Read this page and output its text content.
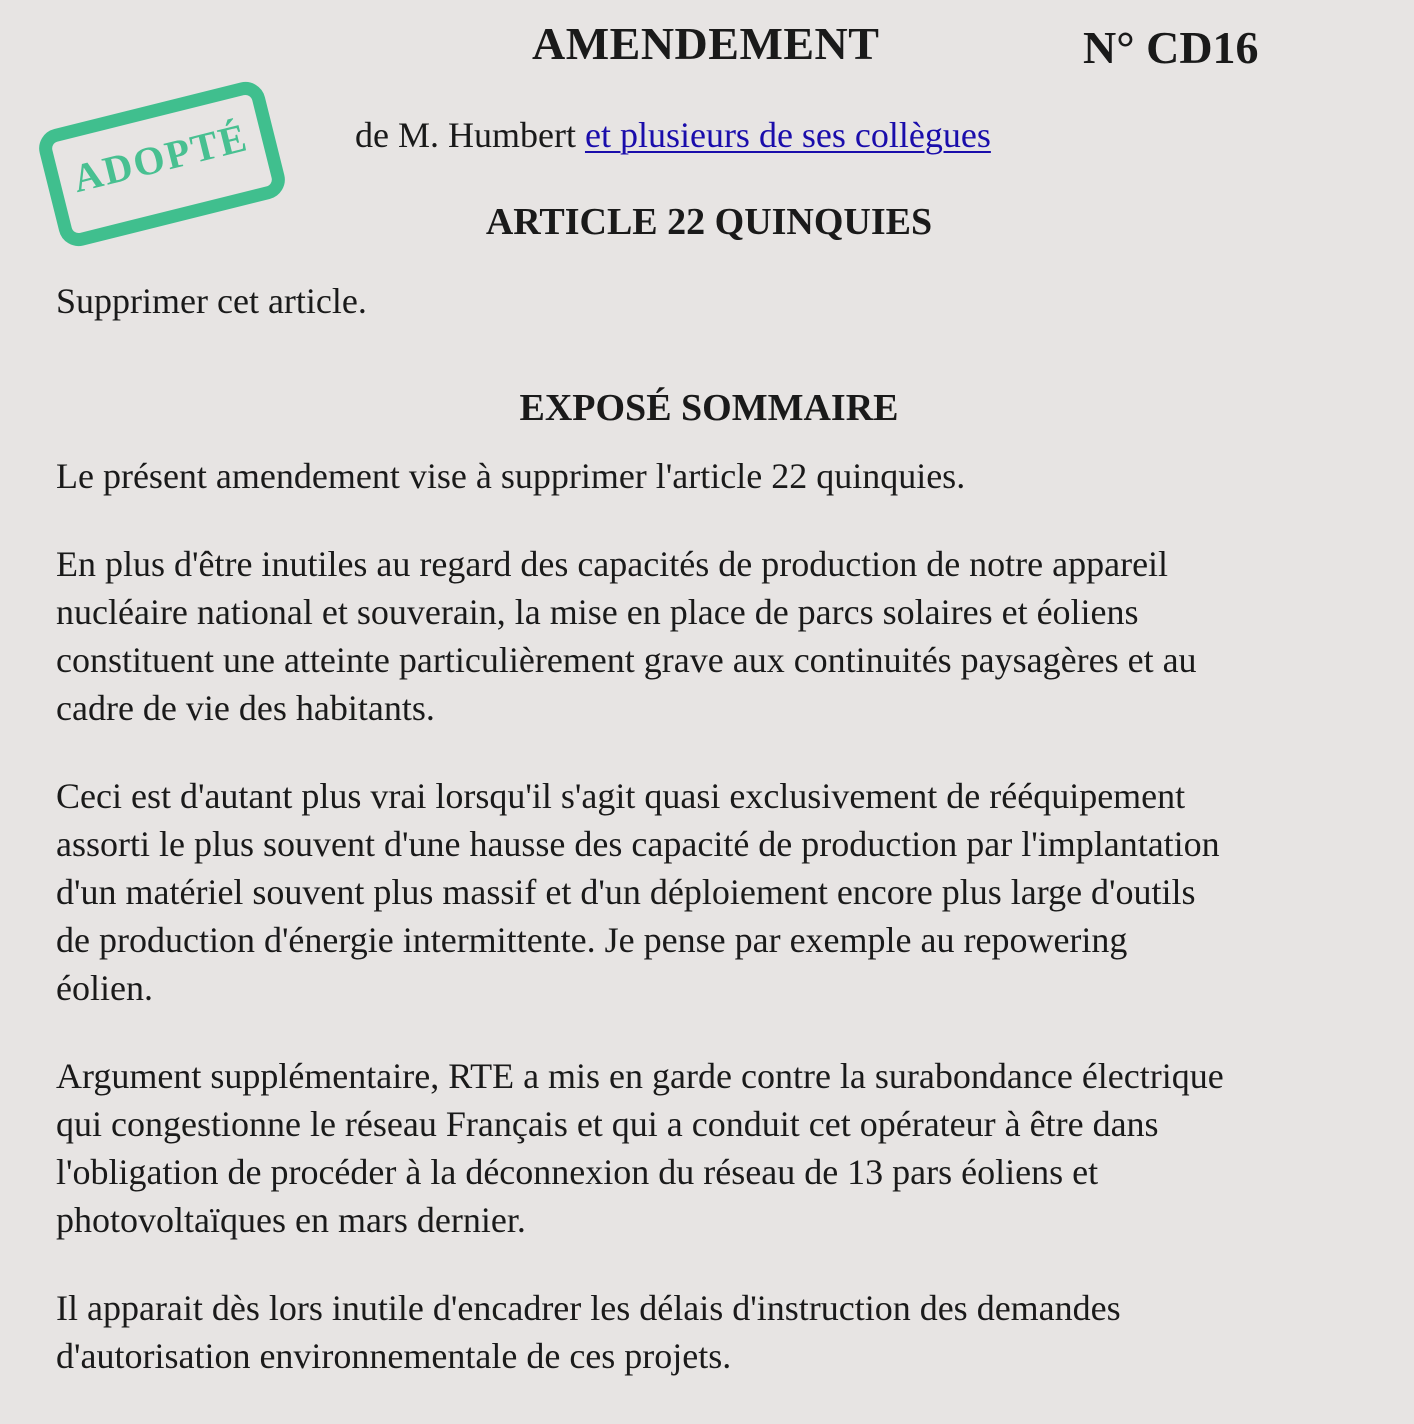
AMENDEMENT	N° CD16
ADOPTÉ	de M. Humbert et plusieurs de ses collègues
ARTICLE 22 QUINQUIES

Supprimer cet article.

EXPOSÉ SOMMAIRE

Le présent amendement vise à supprimer l'article 22 quinquies.

En plus d'être inutiles au regard des capacités de production de notre appareil
nucléaire national et souverain, la mise en place de parcs solaires et éoliens
constituent une atteinte particulièrement grave aux continuités paysagères et au
cadre de vie des habitants.

Ceci est d'autant plus vrai lorsqu'il s'agit quasi exclusivement de rééquipement
assorti le plus souvent d'une hausse des capacité de production par l'implantation
d'un matériel souvent plus massif et d'un déploiement encore plus large d'outils
de production d'énergie intermittente. Je pense par exemple au repowering
éolien.

Argument supplémentaire, RTE a mis en garde contre la surabondance électrique
qui congestionne le réseau Français et qui a conduit cet opérateur à être dans
l'obligation de procéder à la déconnexion du réseau de 13 pars éoliens et
photovoltaïques en mars dernier.

Il apparait dès lors inutile d'encadrer les délais d'instruction des demandes
d'autorisation environnementale de ces projets.
